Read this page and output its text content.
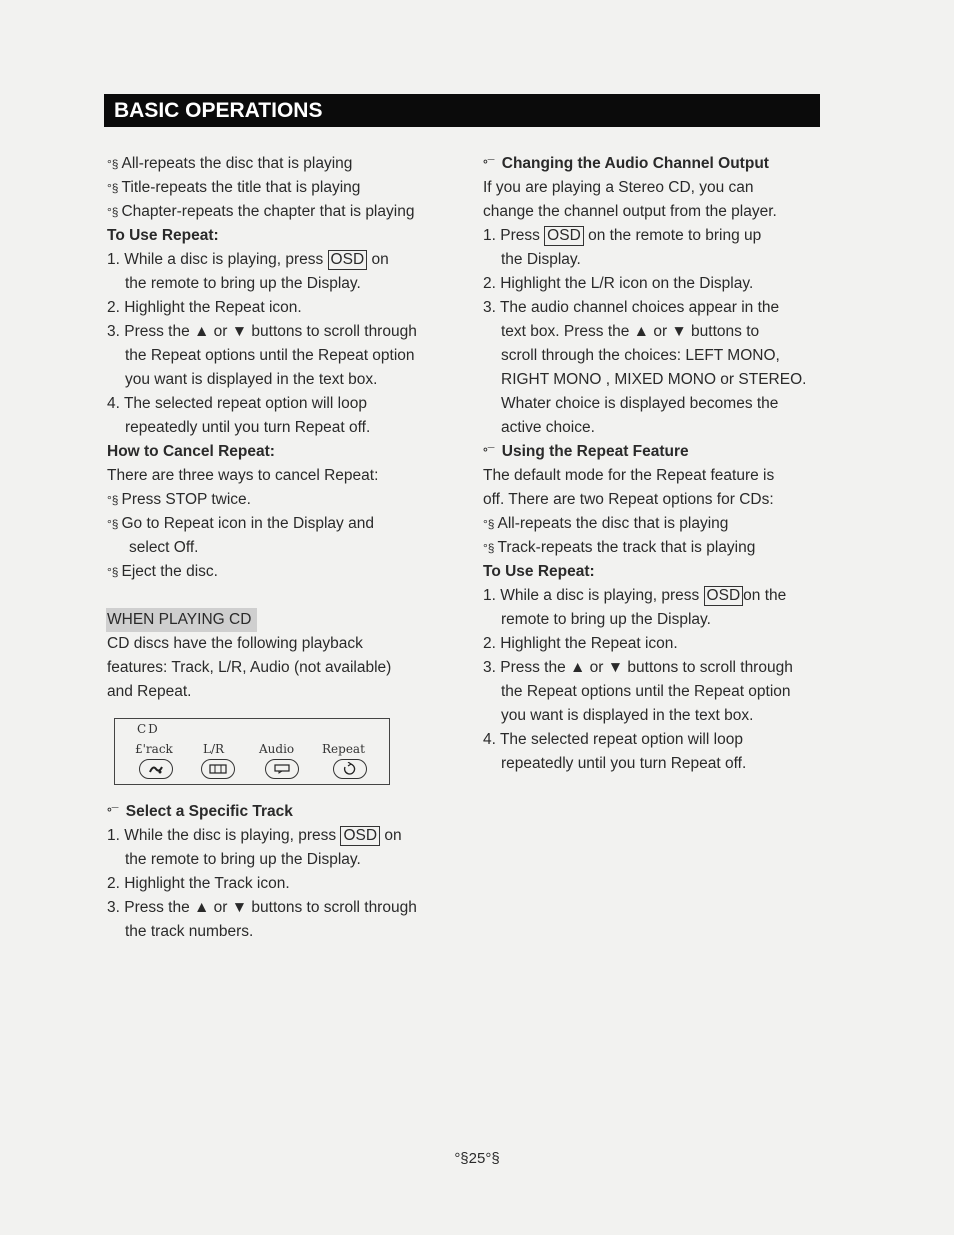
BASIC OPERATIONS
°§ All-repeats the disc that is playing
°§ Title-repeats the title that is playing
°§ Chapter-repeats the chapter that is playing
To Use Repeat:
1. While a disc is playing, press OSD on
the remote to bring up the Display.
2. Highlight the Repeat icon.
3. Press the ▲ or ▼ buttons to scroll through
the Repeat options until the Repeat option
you want is displayed in the text box.
4. The selected repeat option will loop
repeatedly until you turn Repeat off.
How to Cancel Repeat:
There are three ways to cancel Repeat:
°§ Press STOP twice.
°§ Go to Repeat icon in the Display and
select Off.
°§ Eject the disc.
WHEN PLAYING CD
CD discs have the following playback
features: Track, L/R, Audio (not available)
and Repeat.
CD
£'rack	L/R	Audio Repeat
°¯ Select a Specific Track
1. While the disc is playing, press OSD on
the remote to bring up the Display.
2. Highlight the Track icon.
3. Press the ▲ or ▼ buttons to scroll through
the track numbers.
°¯ Changing the Audio Channel Output
If you are playing a Stereo CD, you can
change the channel output from the player.
1. Press OSD on the remote to bring up
the Display.
2. Highlight the L/R icon on the Display.
3. The audio channel choices appear in the
text box. Press the ▲ or ▼ buttons to
scroll through the choices: LEFT MONO,
RIGHT MONO , MIXED MONO or STEREO.
Whater choice is displayed becomes the
active choice.
°¯ Using the Repeat Feature
The default mode for the Repeat feature is
off. There are two Repeat options for CDs:
°§ All-repeats the disc that is playing
°§ Track-repeats the track that is playing
To Use Repeat:
1. While a disc is playing, press OSD on the
remote to bring up the Display.
2. Highlight the Repeat icon.
3. Press the ▲ or ▼ buttons to scroll through
the Repeat options until the Repeat option
you want is displayed in the text box.
4. The selected repeat option will loop
repeatedly until you turn Repeat off.
°§25°§
